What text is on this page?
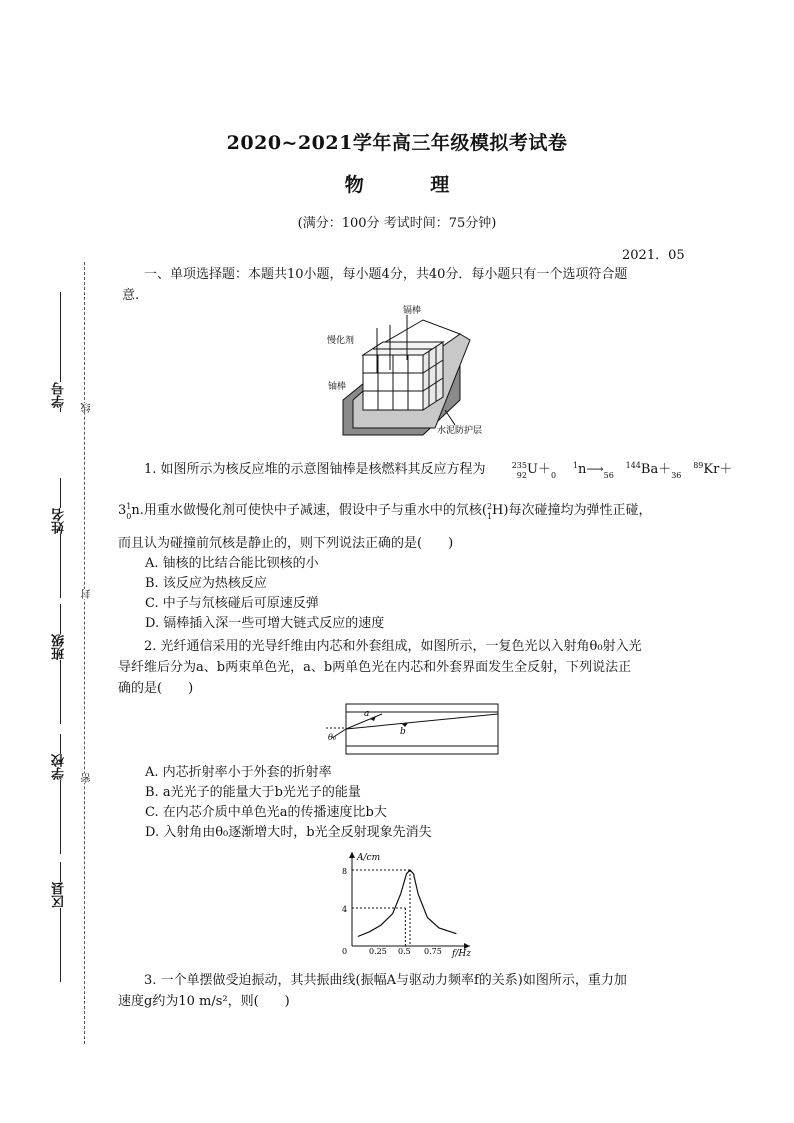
学号
姓名
班级
学校
区县
线
封
密
2020~2021学年高三年级模拟考试卷
物 理
(满分：100分 考试时间：75分钟)
2021．05
一、单项选择题：本题共10小题，每小题4分，共40分．每小题只有一个选项符合题
意.
镉棒
慢化剂
铀棒
水泥防护层
1. 如图所示为核反应堆的示意图铀棒是核燃料其反应方程为	235
92U＋	1
0 n⟶	144
56 Ba＋	89
36 Kr＋
31
0n.用重水做慢化剂可使快中子减速，假设中子与重水中的氘核(2
1H)每次碰撞均为弹性正碰，
而且认为碰撞前氘核是静止的，则下列说法正确的是(　　)
A. 铀核的比结合能比钡核的小
B. 该反应为热核反应
C. 中子与氘核碰后可原速反弹
D. 镉棒插入深一些可增大链式反应的速度
2. 光纤通信采用的光导纤维由内芯和外套组成，如图所示，一复色光以入射角θ₀射入光
导纤维后分为a、b两束单色光，a、b两单色光在内芯和外套界面发生全反射，下列说法正
确的是(　　)
a
b
θ₀
A. 内芯折射率小于外套的折射率
B. a光光子的能量大于b光光子的能量
C. 在内芯介质中单色光a的传播速度比b大
D. 入射角由θ₀逐渐增大时，b光全反射现象先消失
A/cm
f/Hz
0	0.25 0.5 0.75
4
8
3. 一个单摆做受迫振动，其共振曲线(振幅A与驱动力频率f的关系)如图所示，重力加
速度g约为10 m/s²，则(　　)
